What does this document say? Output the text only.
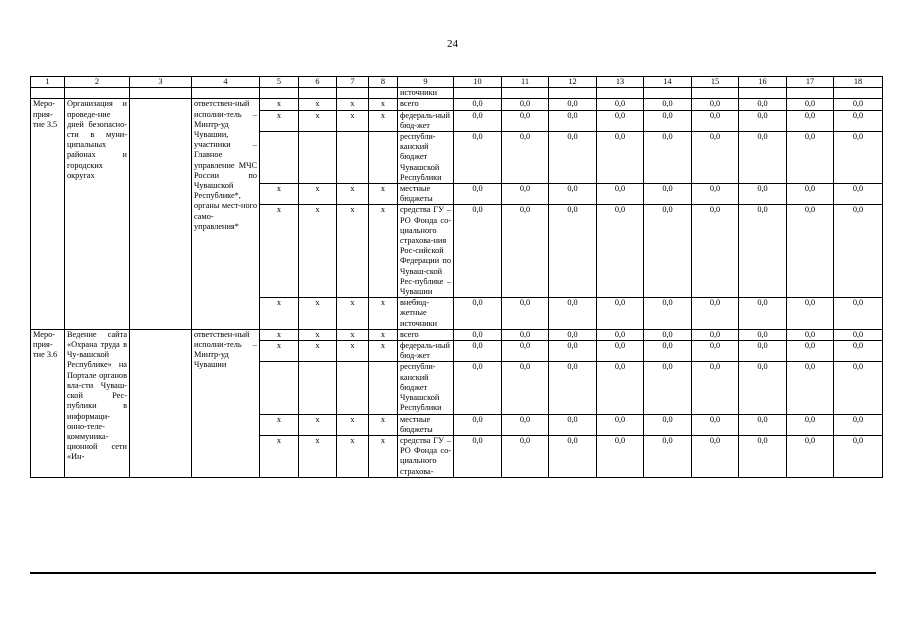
24
1	2	3	4	5	6	7	8	9	10	11	12	13	14	15	16	17	18
								источники									
Меро-
прия-
тие 3.5	Организация и проведе-ние дней безопасно-сти в муни-ципальных районах и городских округах		ответствен-ный исполни-тель – Минтр-уд Чувашии, участники – Главное управление МЧС России по Чувашской Республике*, органы мест-ного само-управления*	х	х	х	х	всего	0,0	0,0	0,0	0,0	0,0	0,0	0,0	0,0	0,0
				х	х	х	х	федераль-ный бюд-жет	0,0	0,0	0,0	0,0	0,0	0,0	0,0	0,0	0,0
								республи-канский бюджет Чувашской Республики	0,0	0,0	0,0	0,0	0,0	0,0	0,0	0,0	0,0
				х	х	х	х	местные бюджеты	0,0	0,0	0,0	0,0	0,0	0,0	0,0	0,0	0,0
				х	х	х	х	средства ГУ – РО Фонда со-циального страхова-ния Рос-сийской Федерации по Чуваш-ской Рес-публике – Чувашии	0,0	0,0	0,0	0,0	0,0	0,0	0,0	0,0	0,0
				х	х	х	х	внебюд-жетные источники	0,0	0,0	0,0	0,0	0,0	0,0	0,0	0,0	0,0
Меро-
прия-
тие 3.6	Ведение сайта «Охрана труда в Чу-вашской Республике» на Портале органов вла-сти Чуваш-ской Рес-публики в информаци-онно-теле-коммуника-ционной сети «Ин-		ответствен-ный исполни-тель – Минтр-уд Чувашии	х	х	х	х	всего	0,0	0,0	0,0	0,0	0,0	0,0	0,0	0,0	0,0
				х	х	х	х	федераль-ный бюд-жет	0,0	0,0	0,0	0,0	0,0	0,0	0,0	0,0	0,0
								республи-канский бюджет Чувашской Республики	0,0	0,0	0,0	0,0	0,0	0,0	0,0	0,0	0,0
				х	х	х	х	местные бюджеты	0,0	0,0	0,0	0,0	0,0	0,0	0,0	0,0	0,0
				х	х	х	х	средства ГУ – РО Фонда со-циального страхова-	0,0	0,0	0,0	0,0	0,0	0,0	0,0	0,0	0,0
